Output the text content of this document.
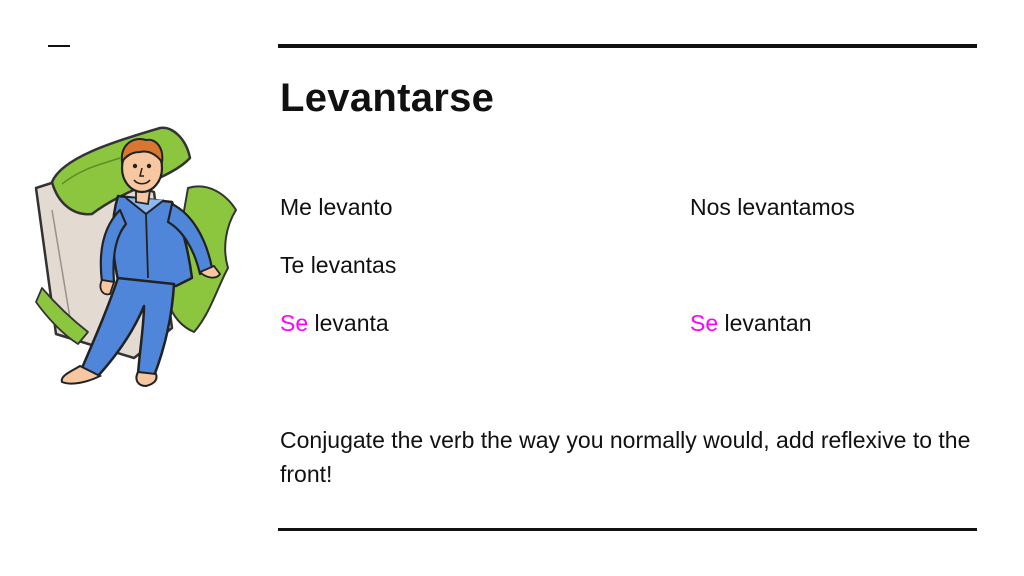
Levantarse
Me levanto
Te levantas
Se levanta
Nos levantamos
Se levantan

Conjugate the verb the way you normally would, add reflexive to the front!
